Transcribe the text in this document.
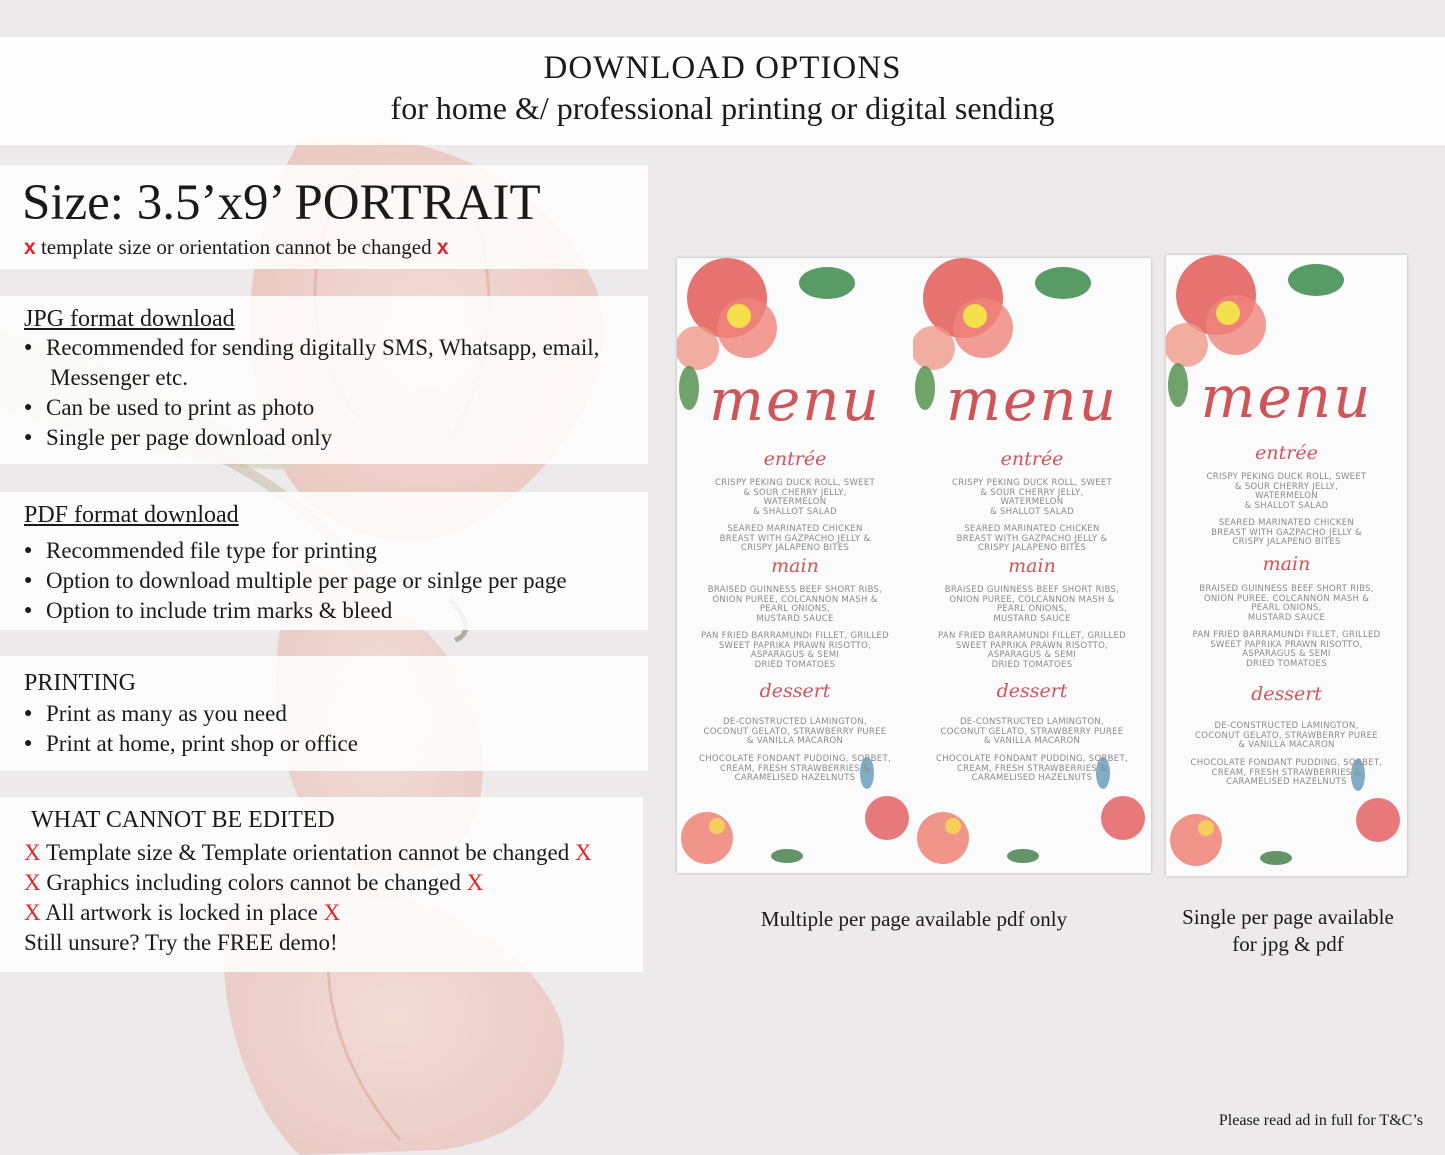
DOWNLOAD OPTIONS
for home &/ professional printing or digital sending
Size: 3.5’x9’ PORTRAIT
x template size or orientation cannot be changed x
JPG format download
● Recommended for sending digitally SMS, Whatsapp, email,
Messenger etc.
● Can be used to print as photo
● Single per page download only
PDF format download
● Recommended file type for printing
● Option to download multiple per page or sinlge per page
● Option to include trim marks & bleed
PRINTING
● Print as many as you need
● Print at home, print shop or office
WHAT CANNOT BE EDITED
X Template size & Template orientation cannot be changed X
X Graphics including colors cannot be changed X
X All artwork is locked in place X
Still unsure? Try the FREE demo!
menu
entrée
CRISPY PEKING DUCK ROLL, SWEET
& SOUR CHERRY JELLY,
WATERMELON
& SHALLOT SALAD
SEARED MARINATED CHICKEN
BREAST WITH GAZPACHO JELLY &
CRISPY JALAPENO BITES
main
BRAISED GUINNESS BEEF SHORT RIBS,
ONION PUREE, COLCANNON MASH &
PEARL ONIONS,
MUSTARD SAUCE
PAN FRIED BARRAMUNDI FILLET, GRILLED
SWEET PAPRIKA PRAWN RISOTTO,
ASPARAGUS & SEMI
DRIED TOMATOES
dessert
DE-CONSTRUCTED LAMINGTON,
COCONUT GELATO, STRAWBERRY PUREE
& VANILLA MACARON
CHOCOLATE FONDANT PUDDING, SORBET,
CREAM, FRESH STRAWBERRIES &
CARAMELISED HAZELNUTS
menu
entrée
CRISPY PEKING DUCK ROLL, SWEET
& SOUR CHERRY JELLY,
WATERMELON
& SHALLOT SALAD
SEARED MARINATED CHICKEN
BREAST WITH GAZPACHO JELLY &
CRISPY JALAPENO BITES
main
BRAISED GUINNESS BEEF SHORT RIBS,
ONION PUREE, COLCANNON MASH &
PEARL ONIONS,
MUSTARD SAUCE
PAN FRIED BARRAMUNDI FILLET, GRILLED
SWEET PAPRIKA PRAWN RISOTTO,
ASPARAGUS & SEMI
DRIED TOMATOES
dessert
DE-CONSTRUCTED LAMINGTON,
COCONUT GELATO, STRAWBERRY PUREE
& VANILLA MACARON
CHOCOLATE FONDANT PUDDING, SORBET,
CREAM, FRESH STRAWBERRIES &
CARAMELISED HAZELNUTS
menu
entrée
CRISPY PEKING DUCK ROLL, SWEET
& SOUR CHERRY JELLY,
WATERMELON
& SHALLOT SALAD
SEARED MARINATED CHICKEN
BREAST WITH GAZPACHO JELLY &
CRISPY JALAPENO BITES
main
BRAISED GUINNESS BEEF SHORT RIBS,
ONION PUREE, COLCANNON MASH &
PEARL ONIONS,
MUSTARD SAUCE
PAN FRIED BARRAMUNDI FILLET, GRILLED
SWEET PAPRIKA PRAWN RISOTTO,
ASPARAGUS & SEMI
DRIED TOMATOES
dessert
DE-CONSTRUCTED LAMINGTON,
COCONUT GELATO, STRAWBERRY PUREE
& VANILLA MACARON
CHOCOLATE FONDANT PUDDING, SORBET,
CREAM, FRESH STRAWBERRIES &
CARAMELISED HAZELNUTS
Multiple per page available pdf only	Single per page available
for jpg & pdf
Please read ad in full for T&C’s
